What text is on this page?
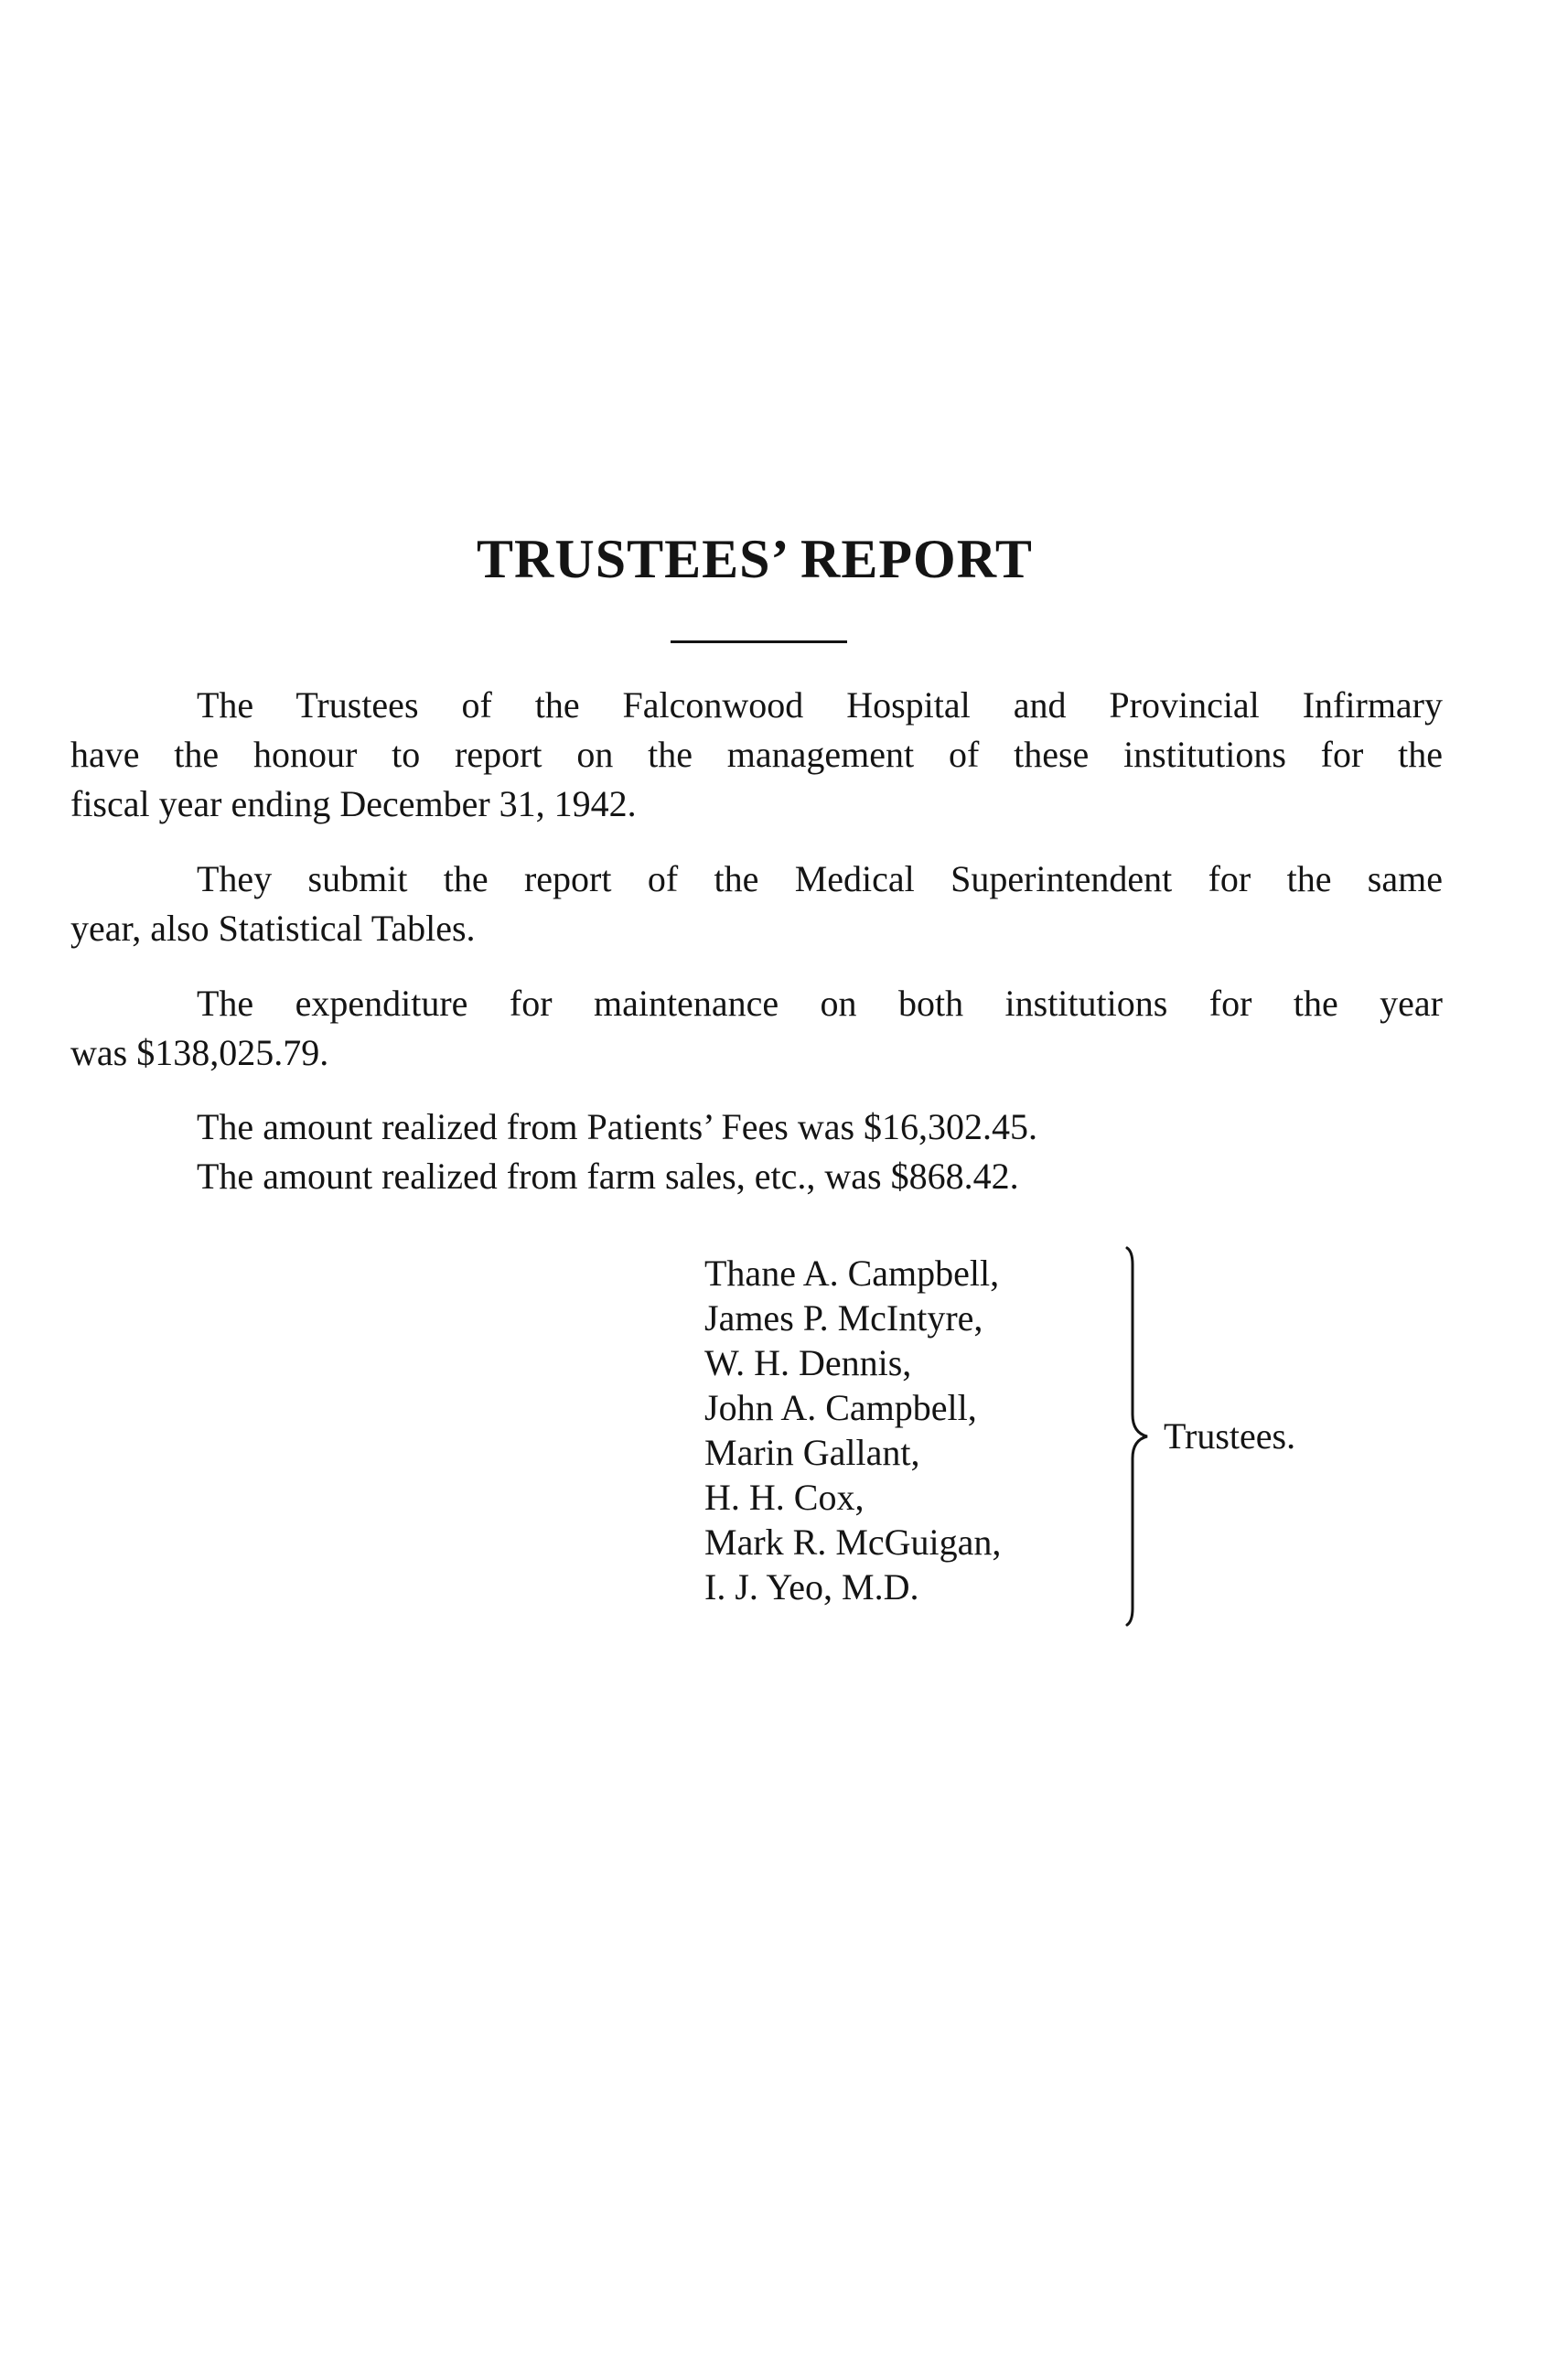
TRUSTEES’ REPORT
The Trustees of the Falconwood Hospital and Provincial Infirmary
have the honour to report on the management of these institutions for the
fiscal year ending December 31, 1942.
They submit the report of the Medical Superintendent for the same
year, also Statistical Tables.
The expenditure for maintenance on both institutions for the year
was $138,025.79.
The amount realized from Patients’ Fees was $16,302.45.
The amount realized from farm sales, etc., was $868.42.
Thane A. Campbell,
James P. McIntyre,
W. H. Dennis,
John A. Campbell,
Marin Gallant,
H. H. Cox,
Mark R. McGuigan,
I. J. Yeo, M.D.
Trustees.
